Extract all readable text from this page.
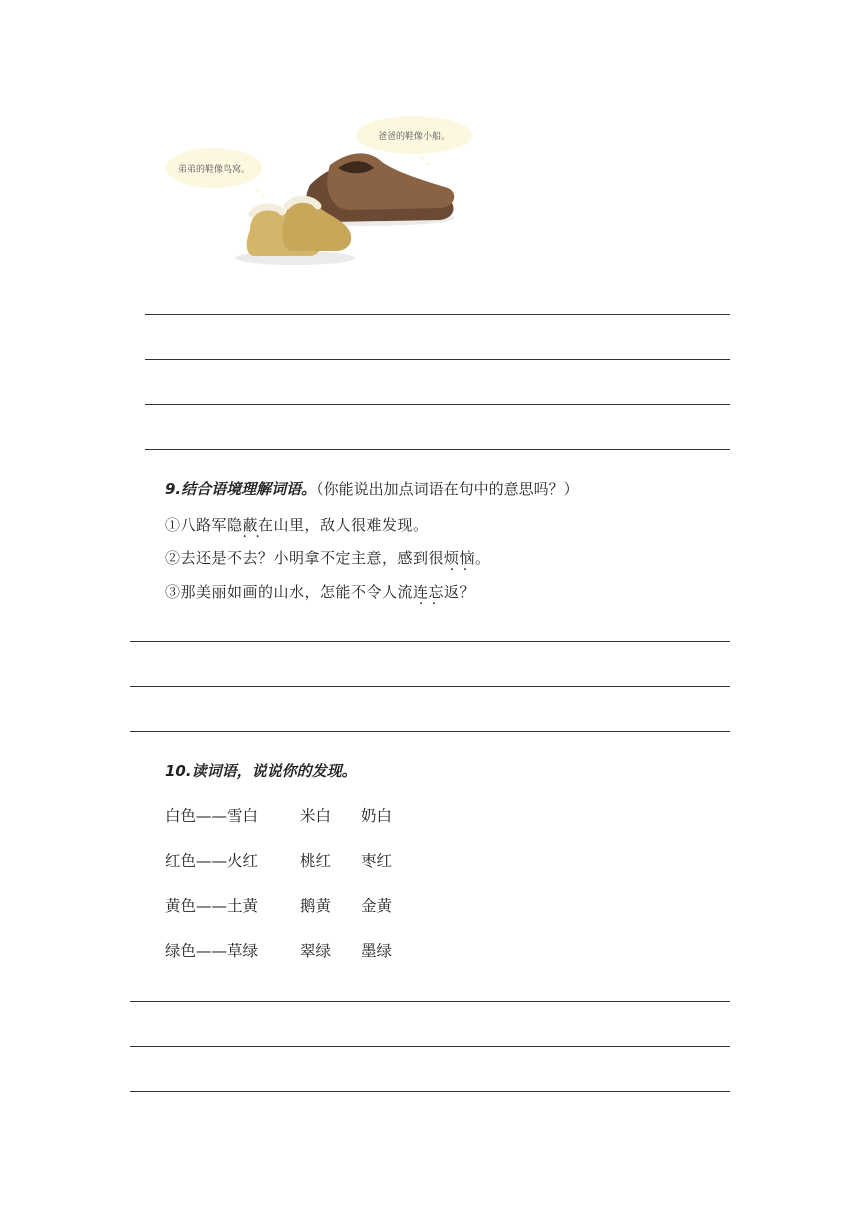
弟弟的鞋像鸟窝。
爸爸的鞋像小船。
9.结合语境理解词语。（你能说出加点词语在句中的意思吗？）
①八路军隐蔽 · ·在山里，敌人很难发现。
②去还是不去？小明拿不定主意，感到很烦恼 · ·。
③那美丽如画的山水，怎能不令人流连忘返 · ·？
10.读词语，说说你的发现。
白色——雪白	米白 奶白
红色——火红	桃红 枣红
黄色——土黄	鹅黄 金黄
绿色——草绿	翠绿 墨绿
